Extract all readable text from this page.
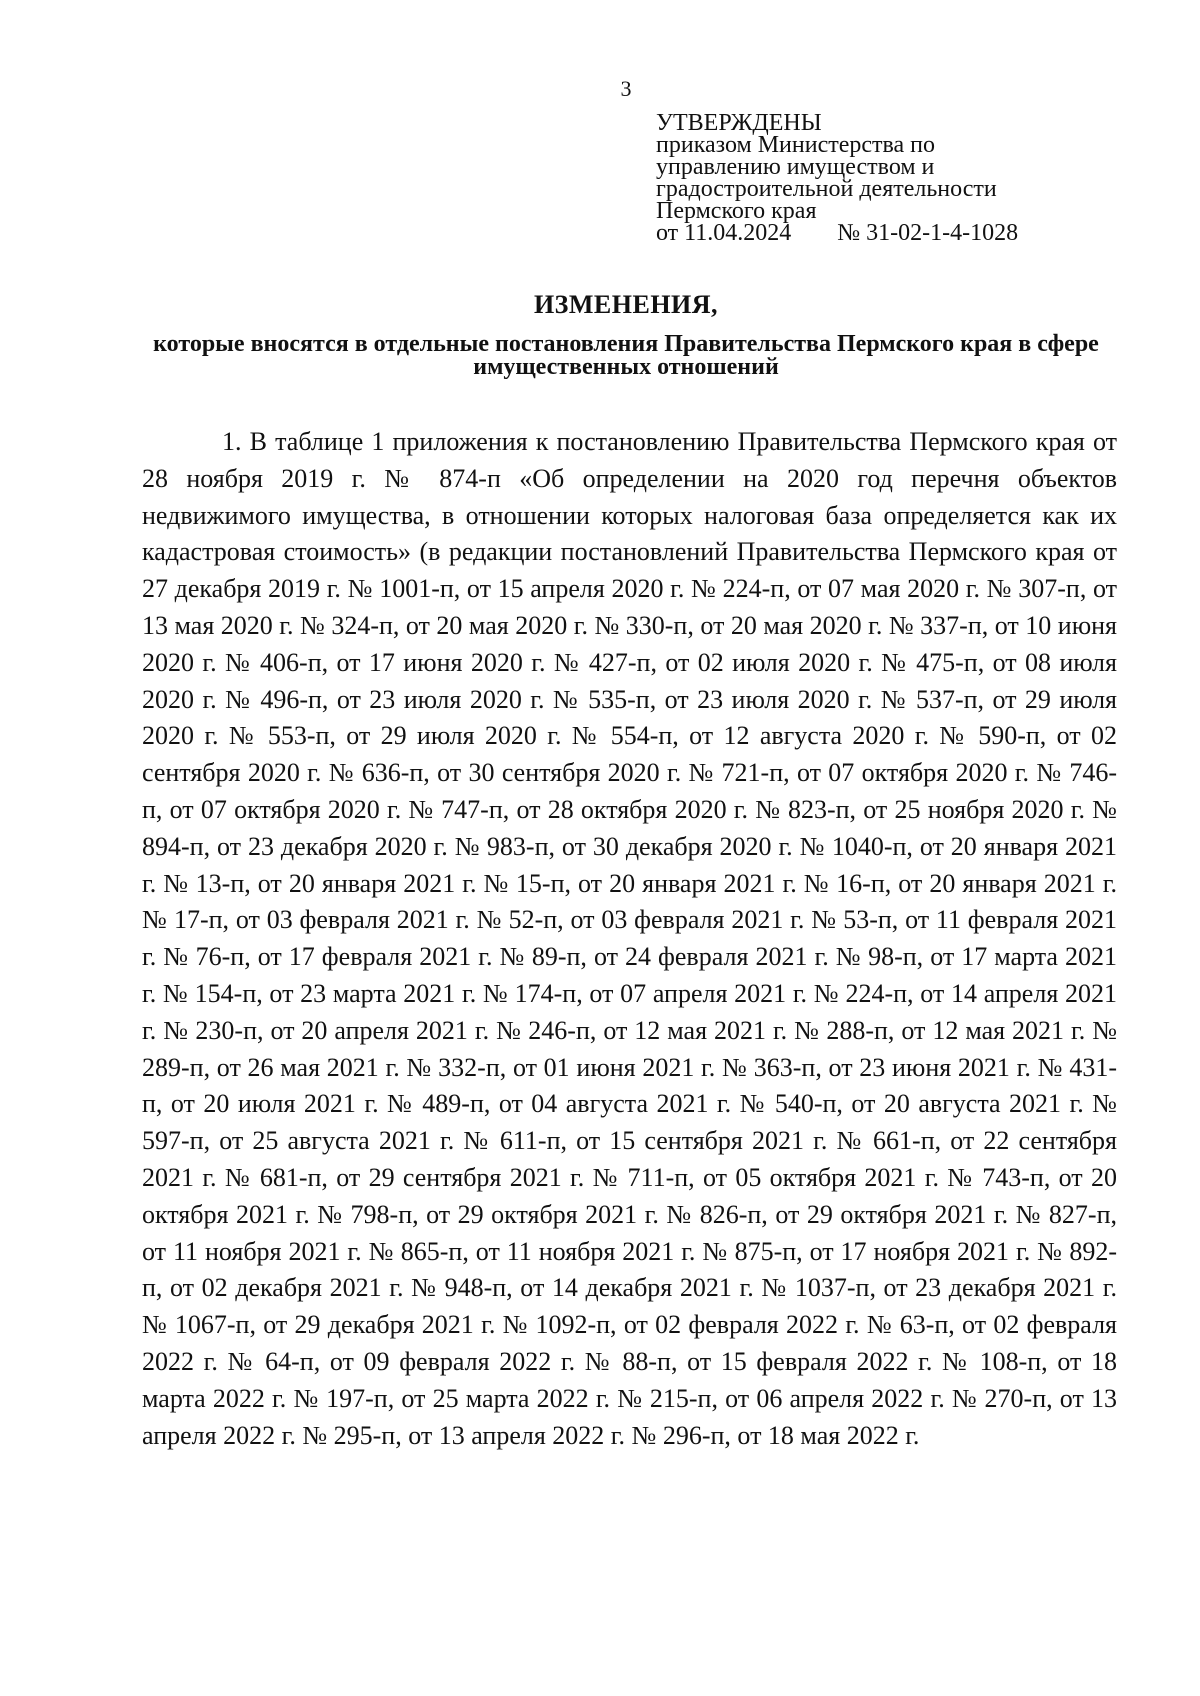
3
УТВЕРЖДЕНЫ
приказом Министерства по
управлению имуществом и
градостроительной деятельности
Пермского края
от 11.04.2024 № 31-02-1-4-1028
ИЗМЕНЕНИЯ,
которые вносятся в отдельные постановления Правительства Пермского края в сфере имущественных отношений

1. В таблице 1 приложения к постановлению Правительства Пермского края от 28 ноября 2019 г. № 874-п «Об определении на 2020 год перечня объектов недвижимого имущества, в отношении которых налоговая база определяется как их кадастровая стоимость» (в редакции постановлений Правительства Пермского края от 27 декабря 2019 г. № 1001-п, от 15 апреля 2020 г. № 224-п, от 07 мая 2020 г. № 307-п, от 13 мая 2020 г. № 324-п, от 20 мая 2020 г. № 330-п, от 20 мая 2020 г. № 337-п, от 10 июня 2020 г. № 406-п, от 17 июня 2020 г. № 427-п, от 02 июля 2020 г. № 475-п, от 08 июля 2020 г. № 496-п, от 23 июля 2020 г. № 535-п, от 23 июля 2020 г. № 537-п, от 29 июля 2020 г. № 553-п, от 29 июля 2020 г. № 554-п, от 12 августа 2020 г. № 590-п, от 02 сентября 2020 г. № 636-п, от 30 сентября 2020 г. № 721-п, от 07 октября 2020 г. № 746-п, от 07 октября 2020 г. № 747-п, от 28 октября 2020 г. № 823-п, от 25 ноября 2020 г. № 894-п, от 23 декабря 2020 г. № 983-п, от 30 декабря 2020 г. № 1040-п, от 20 января 2021 г. № 13-п, от 20 января 2021 г. № 15-п, от 20 января 2021 г. № 16-п, от 20 января 2021 г. № 17-п, от 03 февраля 2021 г. № 52-п, от 03 февраля 2021 г. № 53-п, от 11 февраля 2021 г. № 76-п, от 17 февраля 2021 г. № 89-п, от 24 февраля 2021 г. № 98-п, от 17 марта 2021 г. № 154-п, от 23 марта 2021 г. № 174-п, от 07 апреля 2021 г. № 224-п, от 14 апреля 2021 г. № 230-п, от 20 апреля 2021 г. № 246-п, от 12 мая 2021 г. № 288-п, от 12 мая 2021 г. № 289-п, от 26 мая 2021 г. № 332-п, от 01 июня 2021 г. № 363-п, от 23 июня 2021 г. № 431-п, от 20 июля 2021 г. № 489-п, от 04 августа 2021 г. № 540-п, от 20 августа 2021 г. № 597-п, от 25 августа 2021 г. № 611-п, от 15 сентября 2021 г. № 661-п, от 22 сентября 2021 г. № 681-п, от 29 сентября 2021 г. № 711-п, от 05 октября 2021 г. № 743-п, от 20 октября 2021 г. № 798-п, от 29 октября 2021 г. № 826-п, от 29 октября 2021 г. № 827-п, от 11 ноября 2021 г. № 865-п, от 11 ноября 2021 г. № 875-п, от 17 ноября 2021 г. № 892-п, от 02 декабря 2021 г. № 948-п, от 14 декабря 2021 г. № 1037-п, от 23 декабря 2021 г. № 1067-п, от 29 декабря 2021 г. № 1092-п, от 02 февраля 2022 г. № 63-п, от 02 февраля 2022 г. № 64-п, от 09 февраля 2022 г. № 88-п, от 15 февраля 2022 г. № 108-п, от 18 марта 2022 г. № 197-п, от 25 марта 2022 г. № 215-п, от 06 апреля 2022 г. № 270-п, от 13 апреля 2022 г. № 295-п, от 13 апреля 2022 г. № 296-п, от 18 мая 2022 г.
